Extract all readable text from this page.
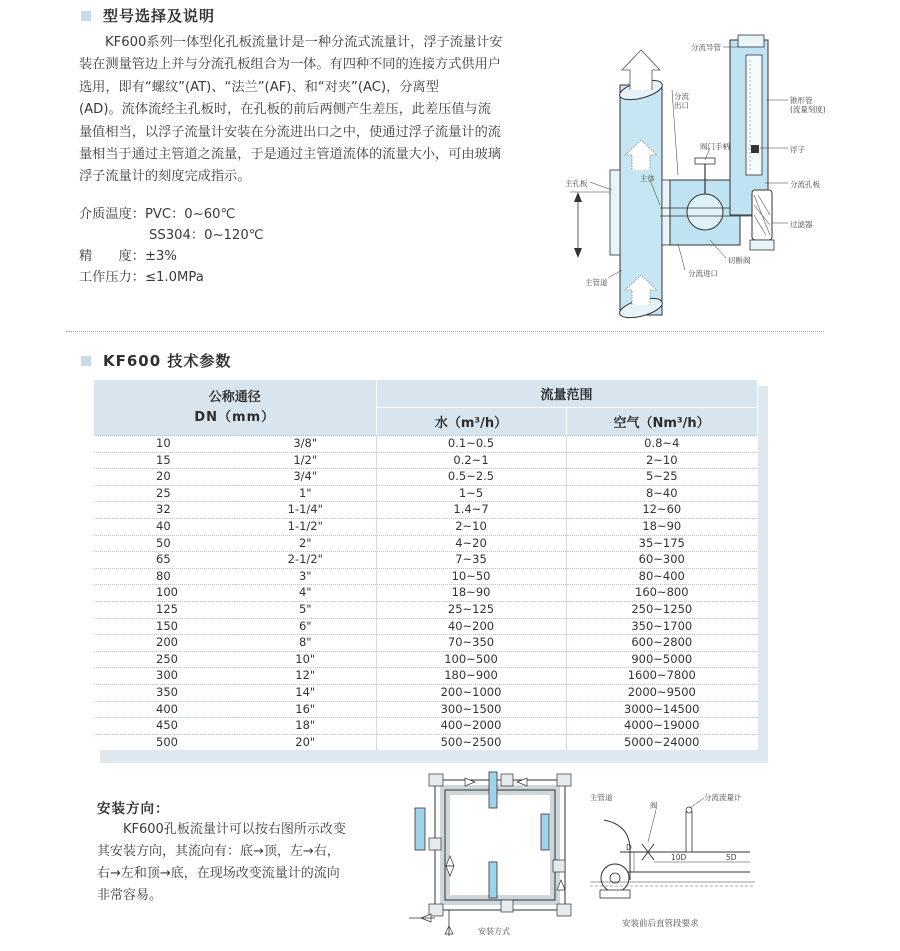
型号选择及说明
KF600系列一体型化孔板流量计是一种分流式流量计，浮子流量计安
装在测量管边上并与分流孔板组合为一体。有四种不同的连接方式供用户
选用，即有“螺纹”(AT)、“法兰”(AF)、和“对夹”(AC)，分离型
(AD)。流体流经主孔板时，在孔板的前后两侧产生差压，此差压值与流
量值相当，以浮子流量计安装在分流进出口之中，使通过浮子流量计的流
量相当于通过主管道之流量，于是通过主管道流体的流量大小，可由玻璃
浮子流量计的刻度完成指示。
介质温度：PVC：0~60℃
SS304：0~120℃
精　　度：±3%
工作压力：≤1.0MPa
分流导管
锥形管
(流量刻度)
浮子
分流孔板
过滤器
切断阀
分流进口
分流
出口
阀门手柄
主体
主孔板
主管道
KF600 技术参数
公称通径
DN（mm）		流量范围	
		水（m³/h）	空气（Nm³/h）
10	3/8"	0.1~0.5	0.8~4
15	1/2"	0.2~1	2~10
20	3/4"	0.5~2.5	5~25
25	1"	1~5	8~40
32	1-1/4"	1.4~7	12~60
40	1-1/2"	2~10	18~90
50	2"	4~20	35~175
65	2-1/2"	7~35	60~300
80	3"	10~50	80~400
100	4"	18~90	160~800
125	5"	25~125	250~1250
150	6"	40~200	350~1700
200	8"	70~350	600~2800
250	10"	100~500	900~5000
300	12"	180~900	1600~7800
350	14"	200~1000	2000~9500
400	16"	300~1500	3000~14500
450	18"	400~2000	4000~19000
500	20"	500~2500	5000~24000
安装方向：
KF600孔板流量计可以按右图所示改变
其安装方向，其流向有：底→顶，左→右，
右→左和顶→底，在现场改变流量计的流向
非常容易。
安装方式
主管道
阀
分流流量计
D
10D	5D
安装前后直管段要求
